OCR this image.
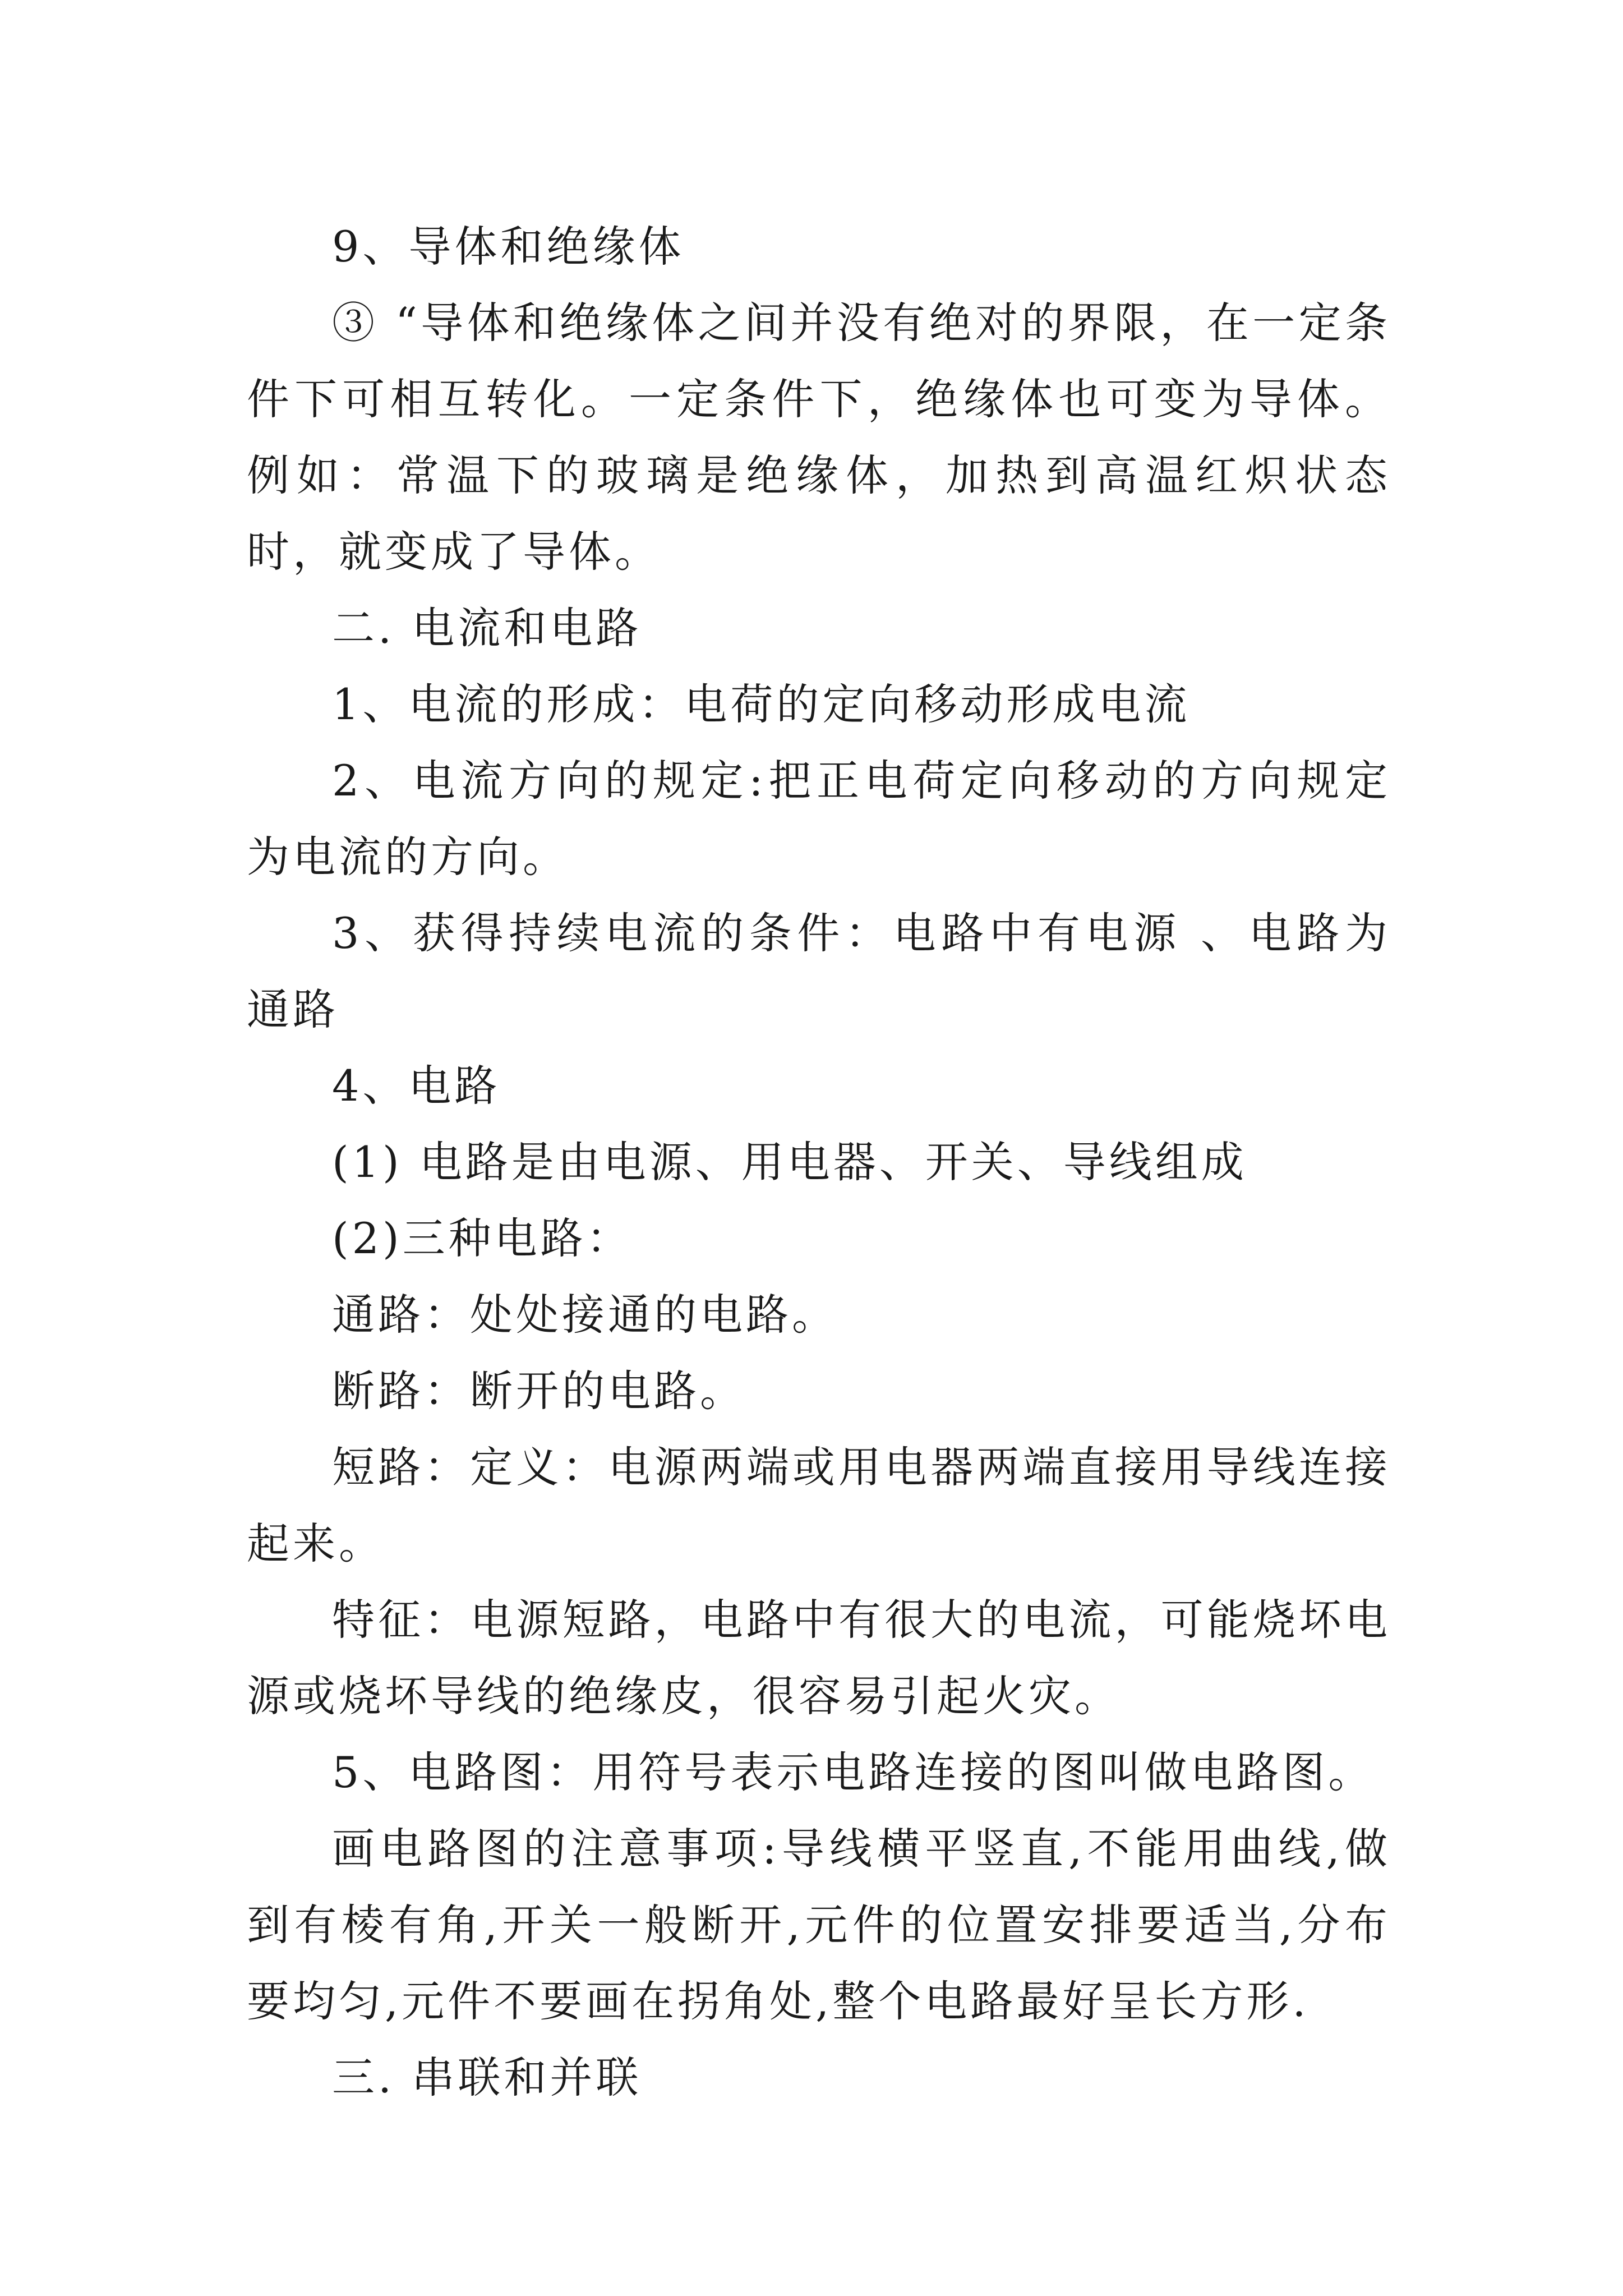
9、导体和绝缘体

③ “导体和绝缘体之间并没有绝对的界限，在一定条件下可相互转化。一定条件下，绝缘体也可变为导体。例如：常温下的玻璃是绝缘体，加热到高温红炽状态时，就变成了导体。

二. 电流和电路

1、电流的形成：电荷的定向移动形成电流

2、电流方向的规定:把正电荷定向移动的方向规定为电流的方向。

3、获得持续电流的条件：电路中有电源 、电路为通路

4、电路

(1) 电路是由电源、用电器、开关、导线组成

(2)三种电路：

通路：处处接通的电路。

断路：断开的电路。

短路：定义：电源两端或用电器两端直接用导线连接起来。

特征：电源短路，电路中有很大的电流，可能烧坏电源或烧坏导线的绝缘皮，很容易引起火灾。

5、电路图：用符号表示电路连接的图叫做电路图。

画电路图的注意事项:导线横平竖直,不能用曲线,做到有棱有角,开关一般断开,元件的位置安排要适当,分布要均匀,元件不要画在拐角处,整个电路最好呈长方形.

三. 串联和并联
